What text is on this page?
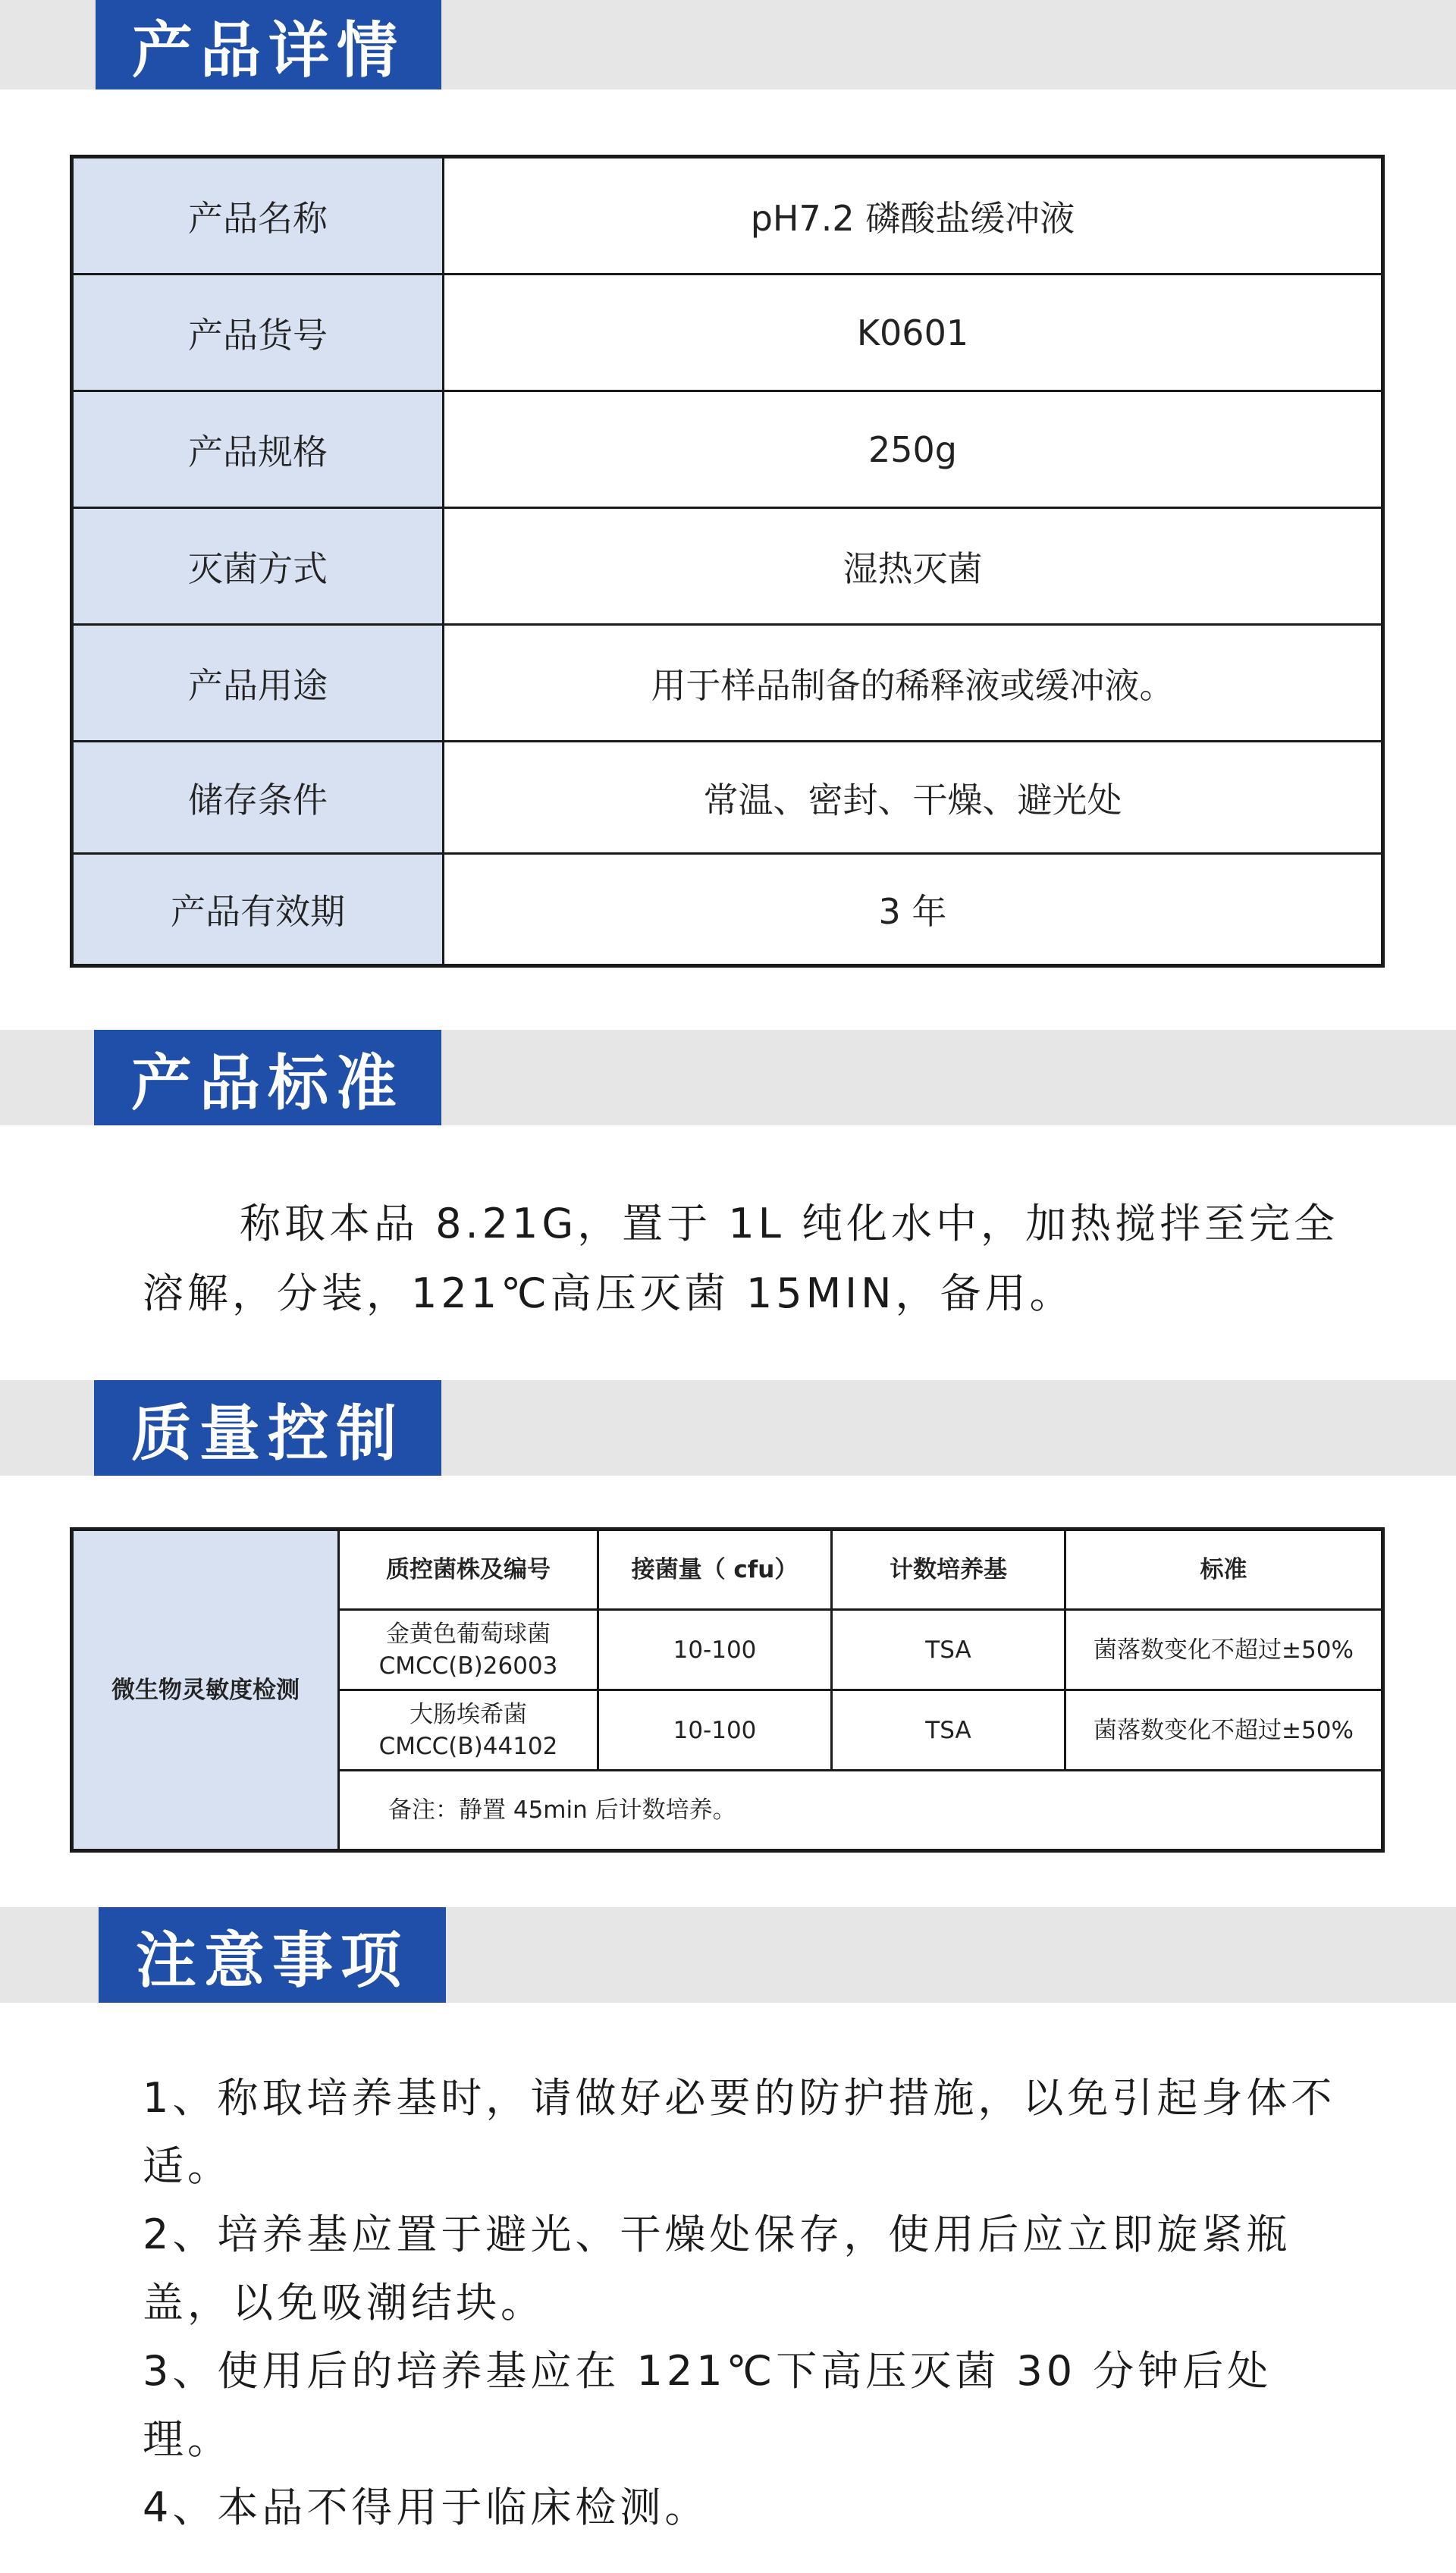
产品详情
产品名称	pH7.2 磷酸盐缓冲液
产品货号	K0601
产品规格	250g
灭菌方式	湿热灭菌
产品用途	用于样品制备的稀释液或缓冲液。
储存条件	常温、密封、干燥、避光处
产品有效期	3 年
产品标准

称取本品 8.21G，置于 1L 纯化水中，加热搅拌至完全溶解，分装，121℃高压灭菌 15MIN，备用。

质量控制
微生物灵敏度检测	质控菌株及编号	接菌量（ cfu）	计数培养基	标准

	金黄色葡萄球菌
CMCC(B)26003	10-100	TSA	菌落数变化不超过±50%

	大肠埃希菌
CMCC(B)44102	10-100	TSA	菌落数变化不超过±50%
	备注：静置 45min 后计数培养。			
注意事项

1、称取培养基时，请做好必要的防护措施，以免引起身体不适。

2、培养基应置于避光、干燥处保存，使用后应立即旋紧瓶盖，以免吸潮结块。

3、使用后的培养基应在 121℃下高压灭菌 30 分钟后处理。

4、本品不得用于临床检测。
